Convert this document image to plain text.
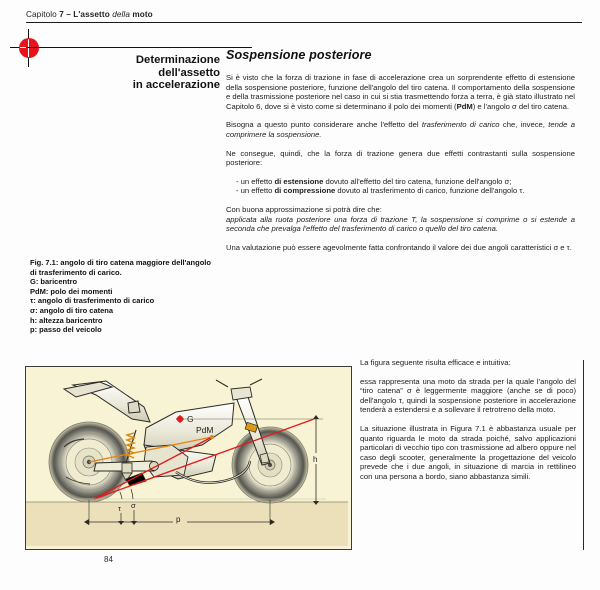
Capitolo 7 – L'assetto della moto
Determinazione
dell'assetto
in accelerazione
Sospensione posteriore

Si è visto che la forza di trazione in fase di accelerazione crea un sorprendente effetto di estensione della sospensione posteriore, funzione dell'angolo del tiro catena. Il comportamento della sospensione e della trasmissione posteriore nel caso in cui si stia trasmettendo forza a terra, è già stato illustrato nel Capitolo 6, dove si è visto come si determinano il polo dei momenti (PdM) e l'angolo σ del tiro catena.

Bisogna a questo punto considerare anche l'effetto del trasferimento di carico che, invece, tende a comprimere la sospensione.

Ne consegue, quindi, che la forza di trazione genera due effetti contrastanti sulla sospensione posteriore:

- un effetto di estensione dovuto all'effetto del tiro catena, funzione dell'angolo σ;
- un effetto di compressione dovuto al trasferimento di carico, funzione dell'angolo τ.

Con buona approssimazione si potrà dire che:

applicata alla ruota posteriore una forza di trazione T, la sospensione si comprime o si estende a seconda che prevalga l'effetto del trasferimento di carico o quello del tiro catena.

Una valutazione può essere agevolmente fatta confrontando il valore dei due angoli caratteristici σ e τ.

Fig. 7.1: angolo di tiro catena maggiore dell'angolo di trasferimento di carico.
G: baricentro
PdM: polo dei momenti
τ: angolo di trasferimento di carico
σ: angolo di tiro catena
h: altezza baricentro
p: passo del veicolo
G
PdM
τ σ
h
p

La figura seguente risulta efficace e intuitiva:

essa rappresenta una moto da strada per la quale l'angolo del “tiro catena” σ è leggermente maggiore (anche se di poco) dell'angolo τ, quindi la sospensione posteriore in accelerazione tenderà a estendersi e a sollevare il retrotreno della moto.

La situazione illustrata in Figura 7.1 è abbastanza usuale per quanto riguarda le moto da strada poiché, salvo applicazioni particolari di vecchio tipo con trasmissione ad albero oppure nel caso degli scooter, generalmente la progettazione del veicolo prevede che i due angoli, in situazione di marcia in rettilineo con una persona a bordo, siano abbastanza simili.

84
